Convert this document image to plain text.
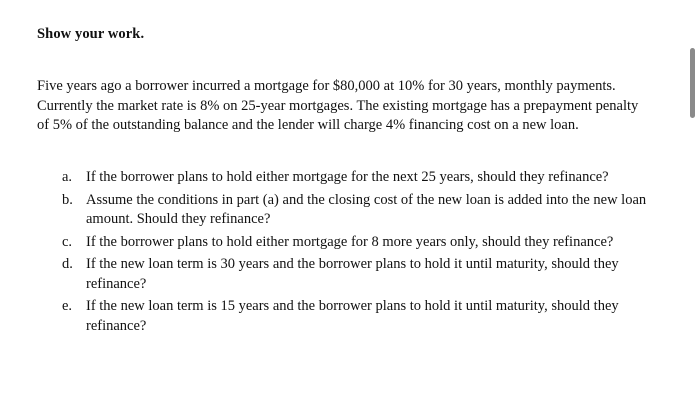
Show your work.
Five years ago a borrower incurred a mortgage for $80,000 at 10% for 30 years, monthly payments. Currently the market rate is 8% on 25-year mortgages. The existing mortgage has a prepayment penalty of 5% of the outstanding balance and the lender will charge 4% financing cost on a new loan.
a. If the borrower plans to hold either mortgage for the next 25 years, should they refinance?
b. Assume the conditions in part (a) and the closing cost of the new loan is added into the new loan amount. Should they refinance?
c. If the borrower plans to hold either mortgage for 8 more years only, should they refinance?
d. If the new loan term is 30 years and the borrower plans to hold it until maturity, should they refinance?
e. If the new loan term is 15 years and the borrower plans to hold it until maturity, should they refinance?
